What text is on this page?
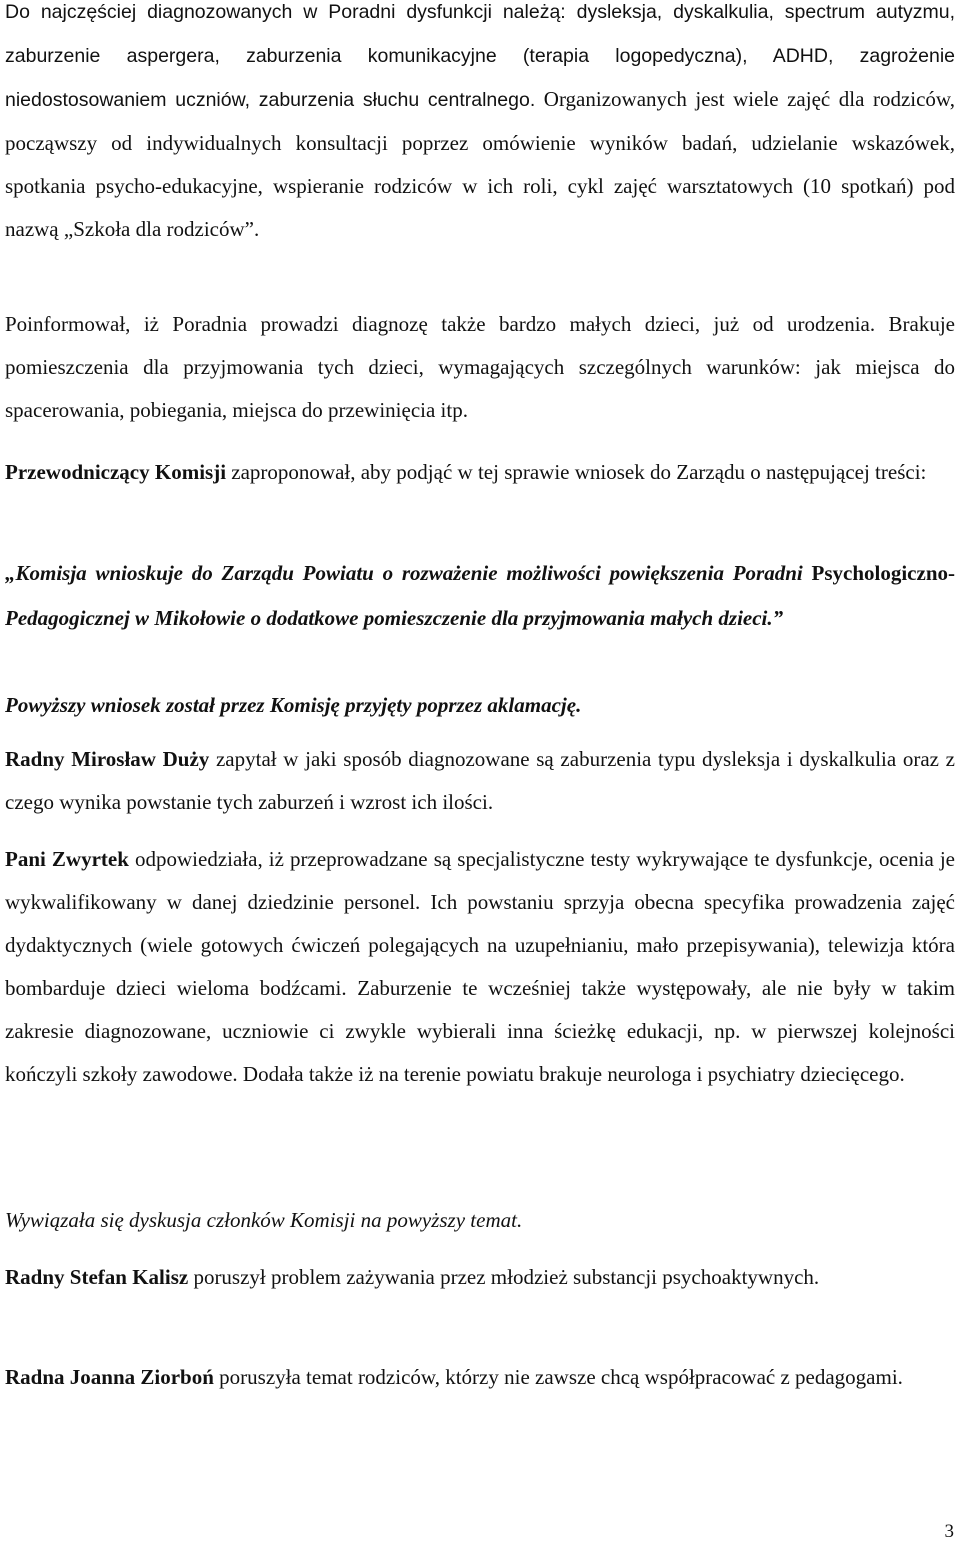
Do najczęściej diagnozowanych w Poradni dysfunkcji należą: dysleksja, dyskalkulia, spectrum autyzmu, zaburzenie aspergera, zaburzenia komunikacyjne (terapia logopedyczna), ADHD, zagrożenie niedostosowaniem uczniów, zaburzenia słuchu centralnego. Organizowanych jest wiele zajęć dla rodziców, począwszy od indywidualnych konsultacji poprzez omówienie wyników badań, udzielanie wskazówek, spotkania psycho-edukacyjne, wspieranie rodziców w ich roli, cykl zajęć warsztatowych (10 spotkań) pod nazwą „Szkoła dla rodziców”.

Poinformował, iż Poradnia prowadzi diagnozę także bardzo małych dzieci, już od urodzenia. Brakuje pomieszczenia dla przyjmowania tych dzieci, wymagających szczególnych warunków: jak miejsca do spacerowania, pobiegania, miejsca do przewinięcia itp.

Przewodniczący Komisji zaproponował, aby podjąć w tej sprawie wniosek do Zarządu o następującej treści:

„Komisja wnioskuje do Zarządu Powiatu o rozważenie możliwości powiększenia Poradni Psychologiczno-Pedagogicznej w Mikołowie o dodatkowe pomieszczenie dla przyjmowania małych dzieci.”

Powyższy wniosek został przez Komisję przyjęty poprzez aklamację.

Radny Mirosław Duży zapytał w jaki sposób diagnozowane są zaburzenia typu dysleksja i dyskalkulia oraz z czego wynika powstanie tych zaburzeń i wzrost ich ilości.

Pani Zwyrtek odpowiedziała, iż przeprowadzane są specjalistyczne testy wykrywające te dysfunkcje, ocenia je wykwalifikowany w danej dziedzinie personel. Ich powstaniu sprzyja obecna specyfika prowadzenia zajęć dydaktycznych (wiele gotowych ćwiczeń polegających na uzupełnianiu, mało przepisywania), telewizja która bombarduje dzieci wieloma bodźcami. Zaburzenie te wcześniej także występowały, ale nie były w takim zakresie diagnozowane, uczniowie ci zwykle wybierali inna ścieżkę edukacji, np. w pierwszej kolejności kończyli szkoły zawodowe. Dodała także iż na terenie powiatu brakuje neurologa i psychiatry dziecięcego.

Wywiązała się dyskusja członków Komisji na powyższy temat.

Radny Stefan Kalisz poruszył problem zażywania przez młodzież substancji psychoaktywnych.

Radna Joanna Ziorboń poruszyła temat rodziców, którzy nie zawsze chcą współpracować z pedagogami.

3
